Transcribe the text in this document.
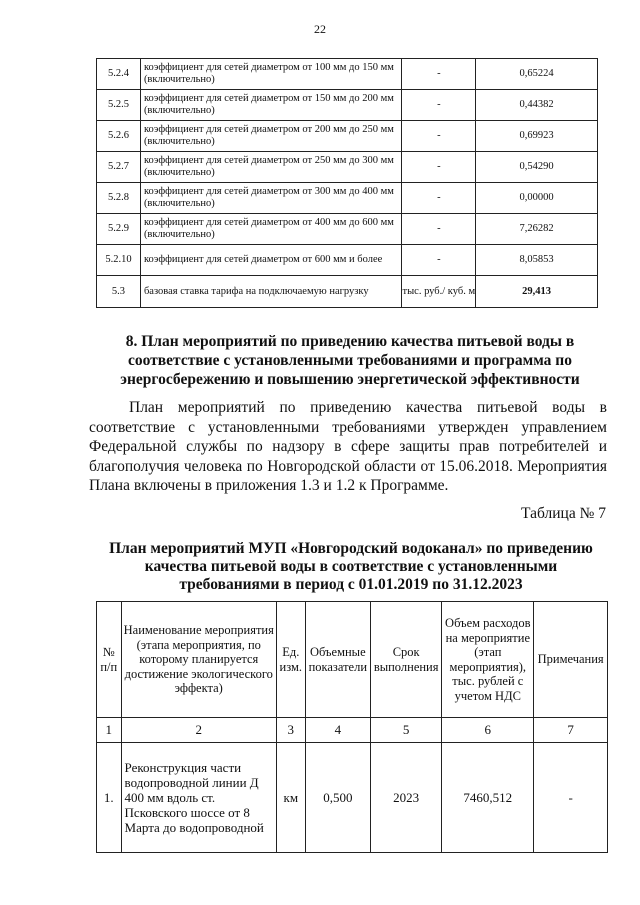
22
5.2.4	коэффициент для сетей диаметром от 100 мм до 150 мм (включительно)	-	0,65224
5.2.5	коэффициент для сетей диаметром от 150 мм до 200 мм (включительно)	-	0,44382
5.2.6	коэффициент для сетей диаметром от 200 мм до 250 мм (включительно)	-	0,69923
5.2.7	коэффициент для сетей диаметром от 250 мм до 300 мм (включительно)	-	0,54290
5.2.8	коэффициент для сетей диаметром от 300 мм до 400 мм (включительно)	-	0,00000
5.2.9	коэффициент для сетей диаметром от 400 мм до 600 мм (включительно)	-	7,26282
5.2.10	коэффициент для сетей диаметром от 600 мм и более	-	8,05853
5.3	базовая ставка тарифа на подключаемую нагрузку	тыс. руб./ куб. м	29,413
8. План мероприятий по приведению качества питьевой воды в соответствие с установленными требованиями и программа по энергосбережению и повышению энергетической эффективности

План мероприятий по приведению качества питьевой воды в соответствие с установленными требованиями утвержден управлением Федеральной службы по надзору в сфере защиты прав потребителей и благополучия человека по Новгородской области от 15.06.2018. Мероприятия Плана включены в приложения 1.3 и 1.2 к Программе.

Таблица № 7
План мероприятий МУП «Новгородский водоканал» по приведению качества питьевой воды в соответствие с установленными требованиями в период с 01.01.2019 по 31.12.2023
№ п/п	Наименование мероприятия (этапа мероприятия, по которому планируется достижение экологического эффекта)	Ед. изм.	Объемные показатели	Срок выполнения	Объем расходов на мероприятие (этап мероприятия), тыс. рублей с учетом НДС	Примечания
1	2	3	4	5	6	7
1.	Реконструкция части водопроводной линии Д 400 мм вдоль ст. Псковского шоссе от 8 Марта до водопроводной	км	0,500	2023	7460,512	-
